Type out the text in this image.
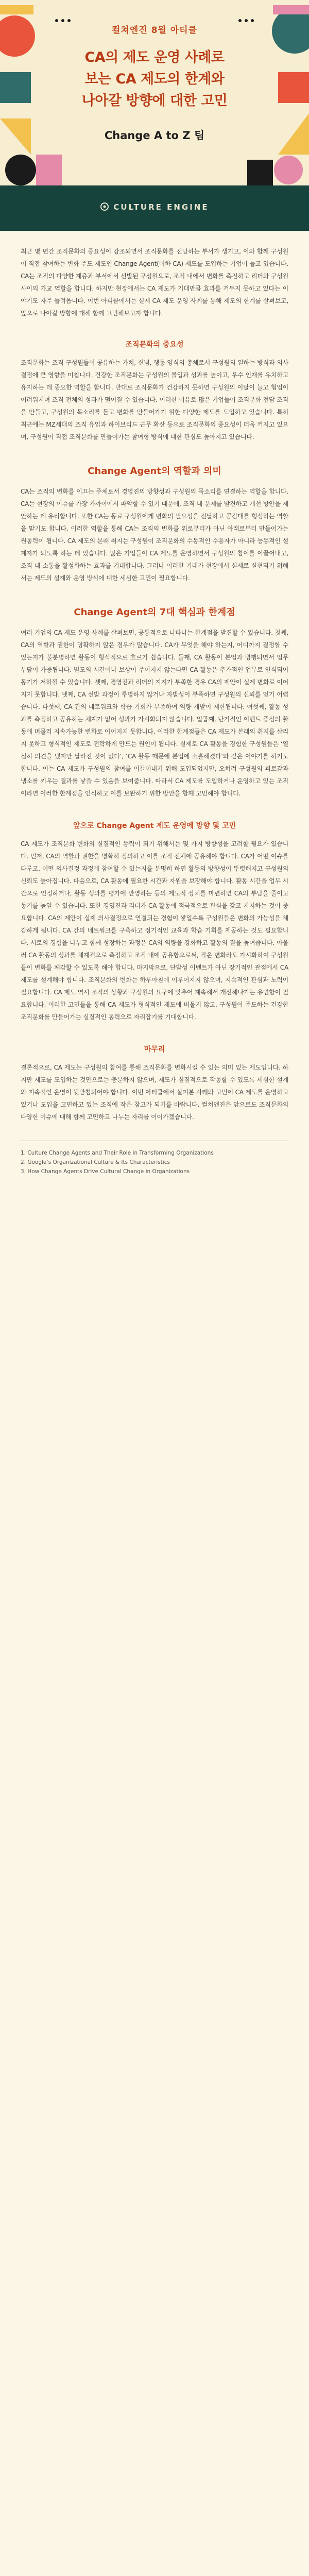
컬쳐엔진 8월 아티클
CA의 제도 운영 사례로
보는 CA 제도의 한계와
나아갈 방향에 대한 고민
Change A to Z 팀
CULTURE ENGINE

최근 몇 년간 조직문화의 중요성이 강조되면서 조직문화를 전담하는 부서가 생기고, 이와 함께 구성원이 직접 참여하는 변화 주도 제도인 Change Agent(이하 CA) 제도를 도입하는 기업이 늘고 있습니다. CA는 조직의 다양한 계층과 부서에서 선발된 구성원으로, 조직 내에서 변화를 촉진하고 리더와 구성원 사이의 가교 역할을 합니다. 하지만 현장에서는 CA 제도가 기대만큼 효과를 거두지 못하고 있다는 이야기도 자주 들려옵니다. 이번 아티클에서는 실제 CA 제도 운영 사례를 통해 제도의 한계를 살펴보고, 앞으로 나아갈 방향에 대해 함께 고민해보고자 합니다.

조직문화의 중요성

조직문화는 조직 구성원들이 공유하는 가치, 신념, 행동 양식의 총체로서 구성원의 일하는 방식과 의사결정에 큰 영향을 미칩니다. 건강한 조직문화는 구성원의 몰입과 성과를 높이고, 우수 인재를 유치하고 유지하는 데 중요한 역할을 합니다. 반대로 조직문화가 건강하지 못하면 구성원의 이탈이 늘고 협업이 어려워지며 조직 전체의 성과가 떨어질 수 있습니다. 이러한 이유로 많은 기업들이 조직문화 전담 조직을 만들고, 구성원의 목소리를 듣고 변화를 만들어가기 위한 다양한 제도를 도입하고 있습니다. 특히 최근에는 MZ세대의 조직 유입과 하이브리드 근무 확산 등으로 조직문화의 중요성이 더욱 커지고 있으며, 구성원이 직접 조직문화를 만들어가는 참여형 방식에 대한 관심도 높아지고 있습니다.

Change Agent의 역할과 의미

CA는 조직의 변화를 이끄는 주체로서 경영진의 방향성과 구성원의 목소리를 연결하는 역할을 합니다. CA는 현장의 이슈를 가장 가까이에서 파악할 수 있기 때문에, 조직 내 문제를 발견하고 개선 방안을 제안하는 데 유리합니다. 또한 CA는 동료 구성원에게 변화의 필요성을 전달하고 공감대를 형성하는 역할을 맡기도 합니다. 이러한 역할을 통해 CA는 조직의 변화를 위로부터가 아닌 아래로부터 만들어가는 원동력이 됩니다. CA 제도의 본래 취지는 구성원이 조직문화의 수동적인 수용자가 아니라 능동적인 설계자가 되도록 하는 데 있습니다. 많은 기업들이 CA 제도를 운영하면서 구성원의 참여를 이끌어내고, 조직 내 소통을 활성화하는 효과를 기대합니다. 그러나 이러한 기대가 현장에서 실제로 실현되기 위해서는 제도의 설계와 운영 방식에 대한 세심한 고민이 필요합니다.

Change Agent의 7대 핵심과 한계점

여러 기업의 CA 제도 운영 사례를 살펴보면, 공통적으로 나타나는 한계점을 발견할 수 있습니다. 첫째, CA의 역할과 권한이 명확하지 않은 경우가 많습니다. CA가 무엇을 해야 하는지, 어디까지 결정할 수 있는지가 불분명하면 활동이 형식적으로 흐르기 쉽습니다. 둘째, CA 활동이 본업과 병행되면서 업무 부담이 가중됩니다. 별도의 시간이나 보상이 주어지지 않는다면 CA 활동은 추가적인 업무로 인식되어 동기가 저하될 수 있습니다. 셋째, 경영진과 리더의 지지가 부족한 경우 CA의 제안이 실제 변화로 이어지지 못합니다. 넷째, CA 선발 과정이 투명하지 않거나 자발성이 부족하면 구성원의 신뢰를 얻기 어렵습니다. 다섯째, CA 간의 네트워크와 학습 기회가 부족하여 역량 개발이 제한됩니다. 여섯째, 활동 성과를 측정하고 공유하는 체계가 없어 성과가 가시화되지 않습니다. 일곱째, 단기적인 이벤트 중심의 활동에 머물러 지속가능한 변화로 이어지지 못합니다. 이러한 한계점들은 CA 제도가 본래의 취지를 살리지 못하고 형식적인 제도로 전락하게 만드는 원인이 됩니다. 실제로 CA 활동을 경험한 구성원들은 ‘열심히 의견을 냈지만 달라진 것이 없다’, ‘CA 활동 때문에 본업에 소홀해졌다’와 같은 이야기를 하기도 합니다. 이는 CA 제도가 구성원의 참여를 이끌어내기 위해 도입되었지만, 오히려 구성원의 피로감과 냉소를 키우는 결과를 낳을 수 있음을 보여줍니다. 따라서 CA 제도를 도입하거나 운영하고 있는 조직이라면 이러한 한계점을 인식하고 이를 보완하기 위한 방안을 함께 고민해야 합니다.

앞으로 Change Agent 제도 운영에 방향 및 고민

CA 제도가 조직문화 변화의 실질적인 동력이 되기 위해서는 몇 가지 방향성을 고려할 필요가 있습니다. 먼저, CA의 역할과 권한을 명확히 정의하고 이를 조직 전체에 공유해야 합니다. CA가 어떤 이슈를 다루고, 어떤 의사결정 과정에 참여할 수 있는지를 분명히 하면 활동의 방향성이 뚜렷해지고 구성원의 신뢰도 높아집니다. 다음으로, CA 활동에 필요한 시간과 자원을 보장해야 합니다. 활동 시간을 업무 시간으로 인정하거나, 활동 성과를 평가에 반영하는 등의 제도적 장치를 마련하면 CA의 부담을 줄이고 동기를 높일 수 있습니다. 또한 경영진과 리더가 CA 활동에 적극적으로 관심을 갖고 지지하는 것이 중요합니다. CA의 제안이 실제 의사결정으로 연결되는 경험이 쌓일수록 구성원들은 변화의 가능성을 체감하게 됩니다. CA 간의 네트워크를 구축하고 정기적인 교육과 학습 기회를 제공하는 것도 필요합니다. 서로의 경험을 나누고 함께 성장하는 과정은 CA의 역량을 강화하고 활동의 질을 높여줍니다. 아울러 CA 활동의 성과를 체계적으로 측정하고 조직 내에 공유함으로써, 작은 변화라도 가시화하여 구성원들이 변화를 체감할 수 있도록 해야 합니다. 마지막으로, 단발성 이벤트가 아닌 장기적인 관점에서 CA 제도를 설계해야 합니다. 조직문화의 변화는 하루아침에 이루어지지 않으며, 지속적인 관심과 노력이 필요합니다. CA 제도 역시 조직의 상황과 구성원의 요구에 맞추어 계속해서 개선해나가는 유연함이 필요합니다. 이러한 고민들을 통해 CA 제도가 형식적인 제도에 머물지 않고, 구성원이 주도하는 건강한 조직문화를 만들어가는 실질적인 동력으로 자리잡기를 기대합니다.

마무리

결론적으로, CA 제도는 구성원의 참여를 통해 조직문화를 변화시킬 수 있는 의미 있는 제도입니다. 하지만 제도를 도입하는 것만으로는 충분하지 않으며, 제도가 실질적으로 작동할 수 있도록 세심한 설계와 지속적인 운영이 뒷받침되어야 합니다. 이번 아티클에서 살펴본 사례와 고민이 CA 제도를 운영하고 있거나 도입을 고민하고 있는 조직에 작은 참고가 되기를 바랍니다. 컬쳐엔진은 앞으로도 조직문화의 다양한 이슈에 대해 함께 고민하고 나누는 자리를 이어가겠습니다.

1. Culture Change Agents and Their Role in Transforming Organizations
2. Googleʼs Organizational Culture & Its Characteristics
3. How Change Agents Drive Cultural Change in Organizations
